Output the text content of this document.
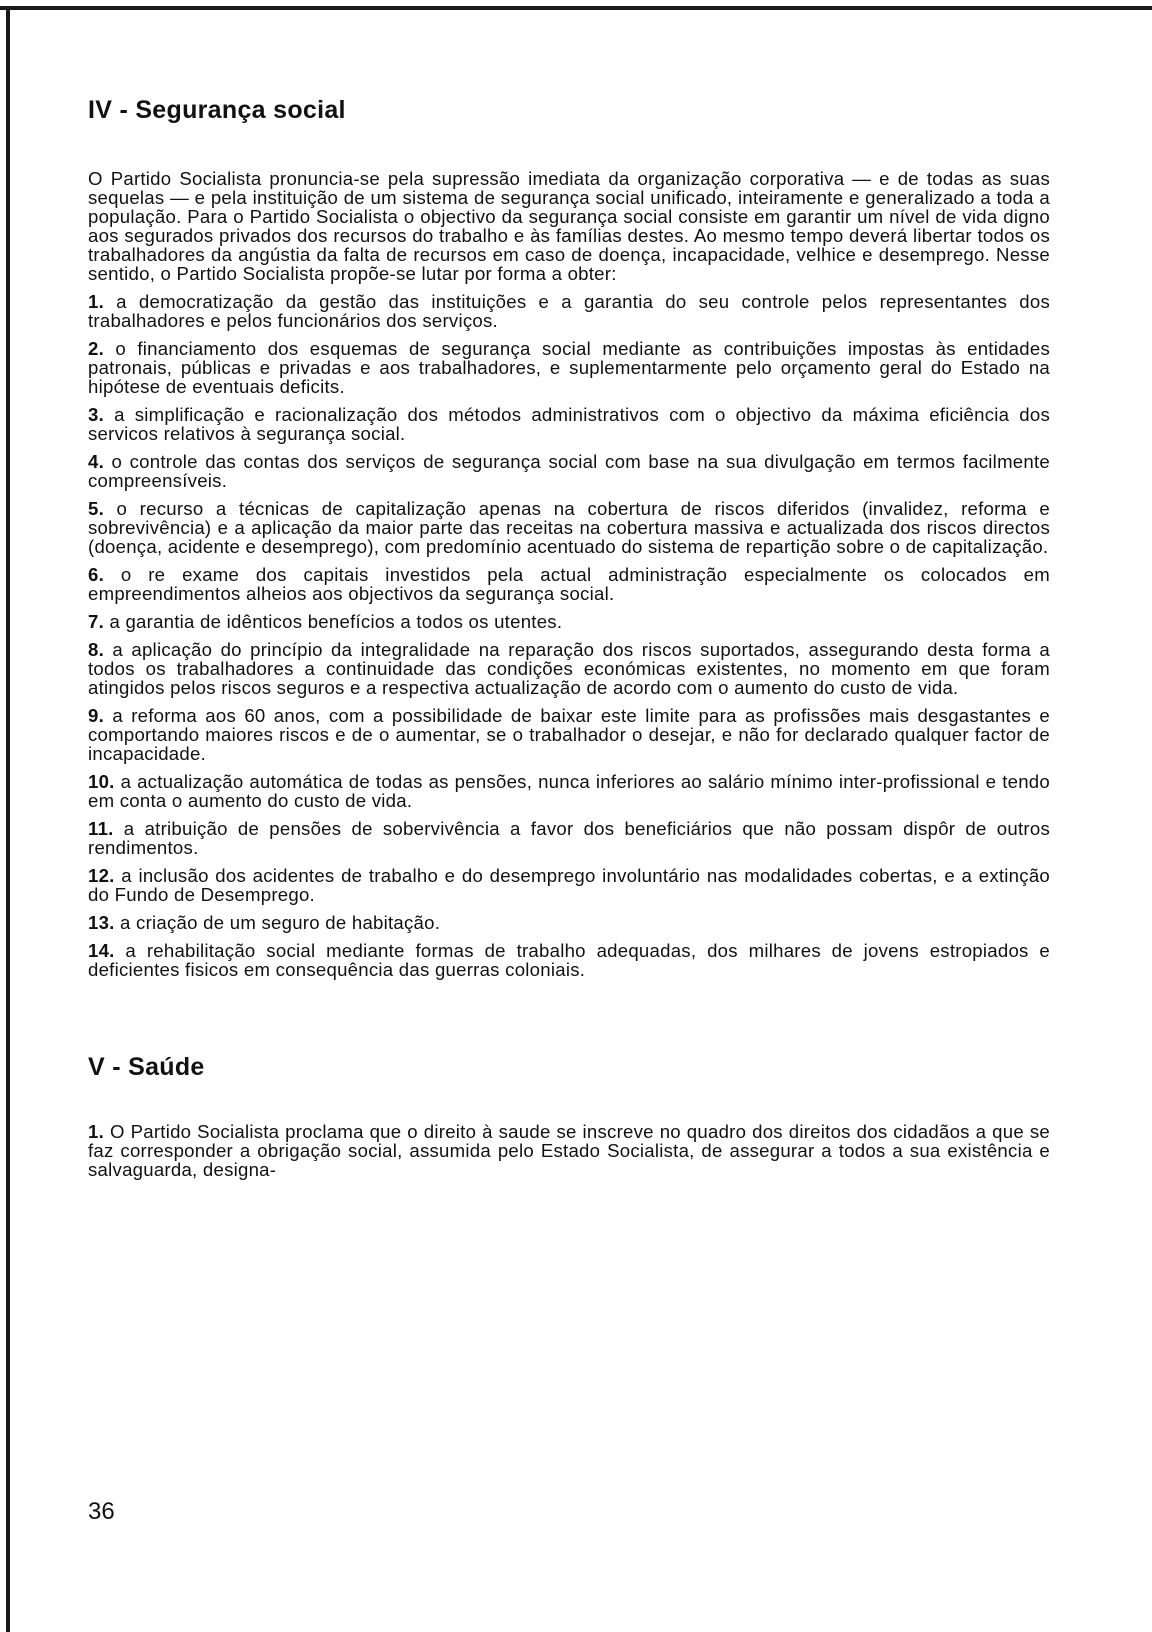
IV - Segurança social

O Partido Socialista pronuncia-se pela supressão imediata da organização corporativa — e de todas as suas sequelas — e pela instituição de um sistema de segurança social unificado, inteiramente e generalizado a toda a população. Para o Partido Socialista o objectivo da segurança social consiste em garantir um nível de vida digno aos segurados privados dos recursos do trabalho e às famílias destes. Ao mesmo tempo deverá libertar todos os trabalhadores da angústia da falta de recursos em caso de doença, incapacidade, velhice e desemprego. Nesse sentido, o Partido Socialista propõe-se lutar por forma a obter:

1. a democratização da gestão das instituições e a garantia do seu controle pelos representantes dos trabalhadores e pelos funcionários dos serviços.

2. o financiamento dos esquemas de segurança social mediante as contribuições impostas às entidades patronais, públicas e privadas e aos trabalhadores, e suplementarmente pelo orçamento geral do Estado na hipótese de eventuais deficits.

3. a simplificação e racionalização dos métodos administrativos com o objectivo da máxima eficiência dos servicos relativos à segurança social.

4. o controle das contas dos serviços de segurança social com base na sua divulgação em termos facilmente compreensíveis.

5. o recurso a técnicas de capitalização apenas na cobertura de riscos diferidos (invalidez, reforma e sobrevivência) e a aplicação da maior parte das receitas na cobertura massiva e actualizada dos riscos directos (doença, acidente e desemprego), com predomínio acentuado do sistema de repartição sobre o de capitalização.

6. o re exame dos capitais investidos pela actual administração especialmente os colocados em empreendimentos alheios aos objectivos da segurança social.

7. a garantia de idênticos benefícios a todos os utentes.

8. a aplicação do princípio da integralidade na reparação dos riscos suportados, assegurando desta forma a todos os trabalhadores a continuidade das condições económicas existentes, no momento em que foram atingidos pelos riscos seguros e a respectiva actualização de acordo com o aumento do custo de vida.

9. a reforma aos 60 anos, com a possibilidade de baixar este limite para as profissões mais desgastantes e comportando maiores riscos e de o aumentar, se o trabalhador o desejar, e não for declarado qualquer factor de incapacidade.

10. a actualização automática de todas as pensões, nunca inferiores ao salário mínimo inter-profissional e tendo em conta o aumento do custo de vida.

11. a atribuição de pensões de sobervivência a favor dos beneficiários que não possam dispôr de outros rendimentos.

12. a inclusão dos acidentes de trabalho e do desemprego involuntário nas modalidades cobertas, e a extinção do Fundo de Desemprego.

13. a criação de um seguro de habitação.

14. a rehabilitação social mediante formas de trabalho adequadas, dos milhares de jovens estropiados e deficientes fisicos em consequência das guerras coloniais.

V - Saúde

1. O Partido Socialista proclama que o direito à saude se inscreve no quadro dos direitos dos cidadãos a que se faz corresponder a obrigação social, assumida pelo Estado Socialista, de assegurar a todos a sua existência e salvaguarda, designa-

36
